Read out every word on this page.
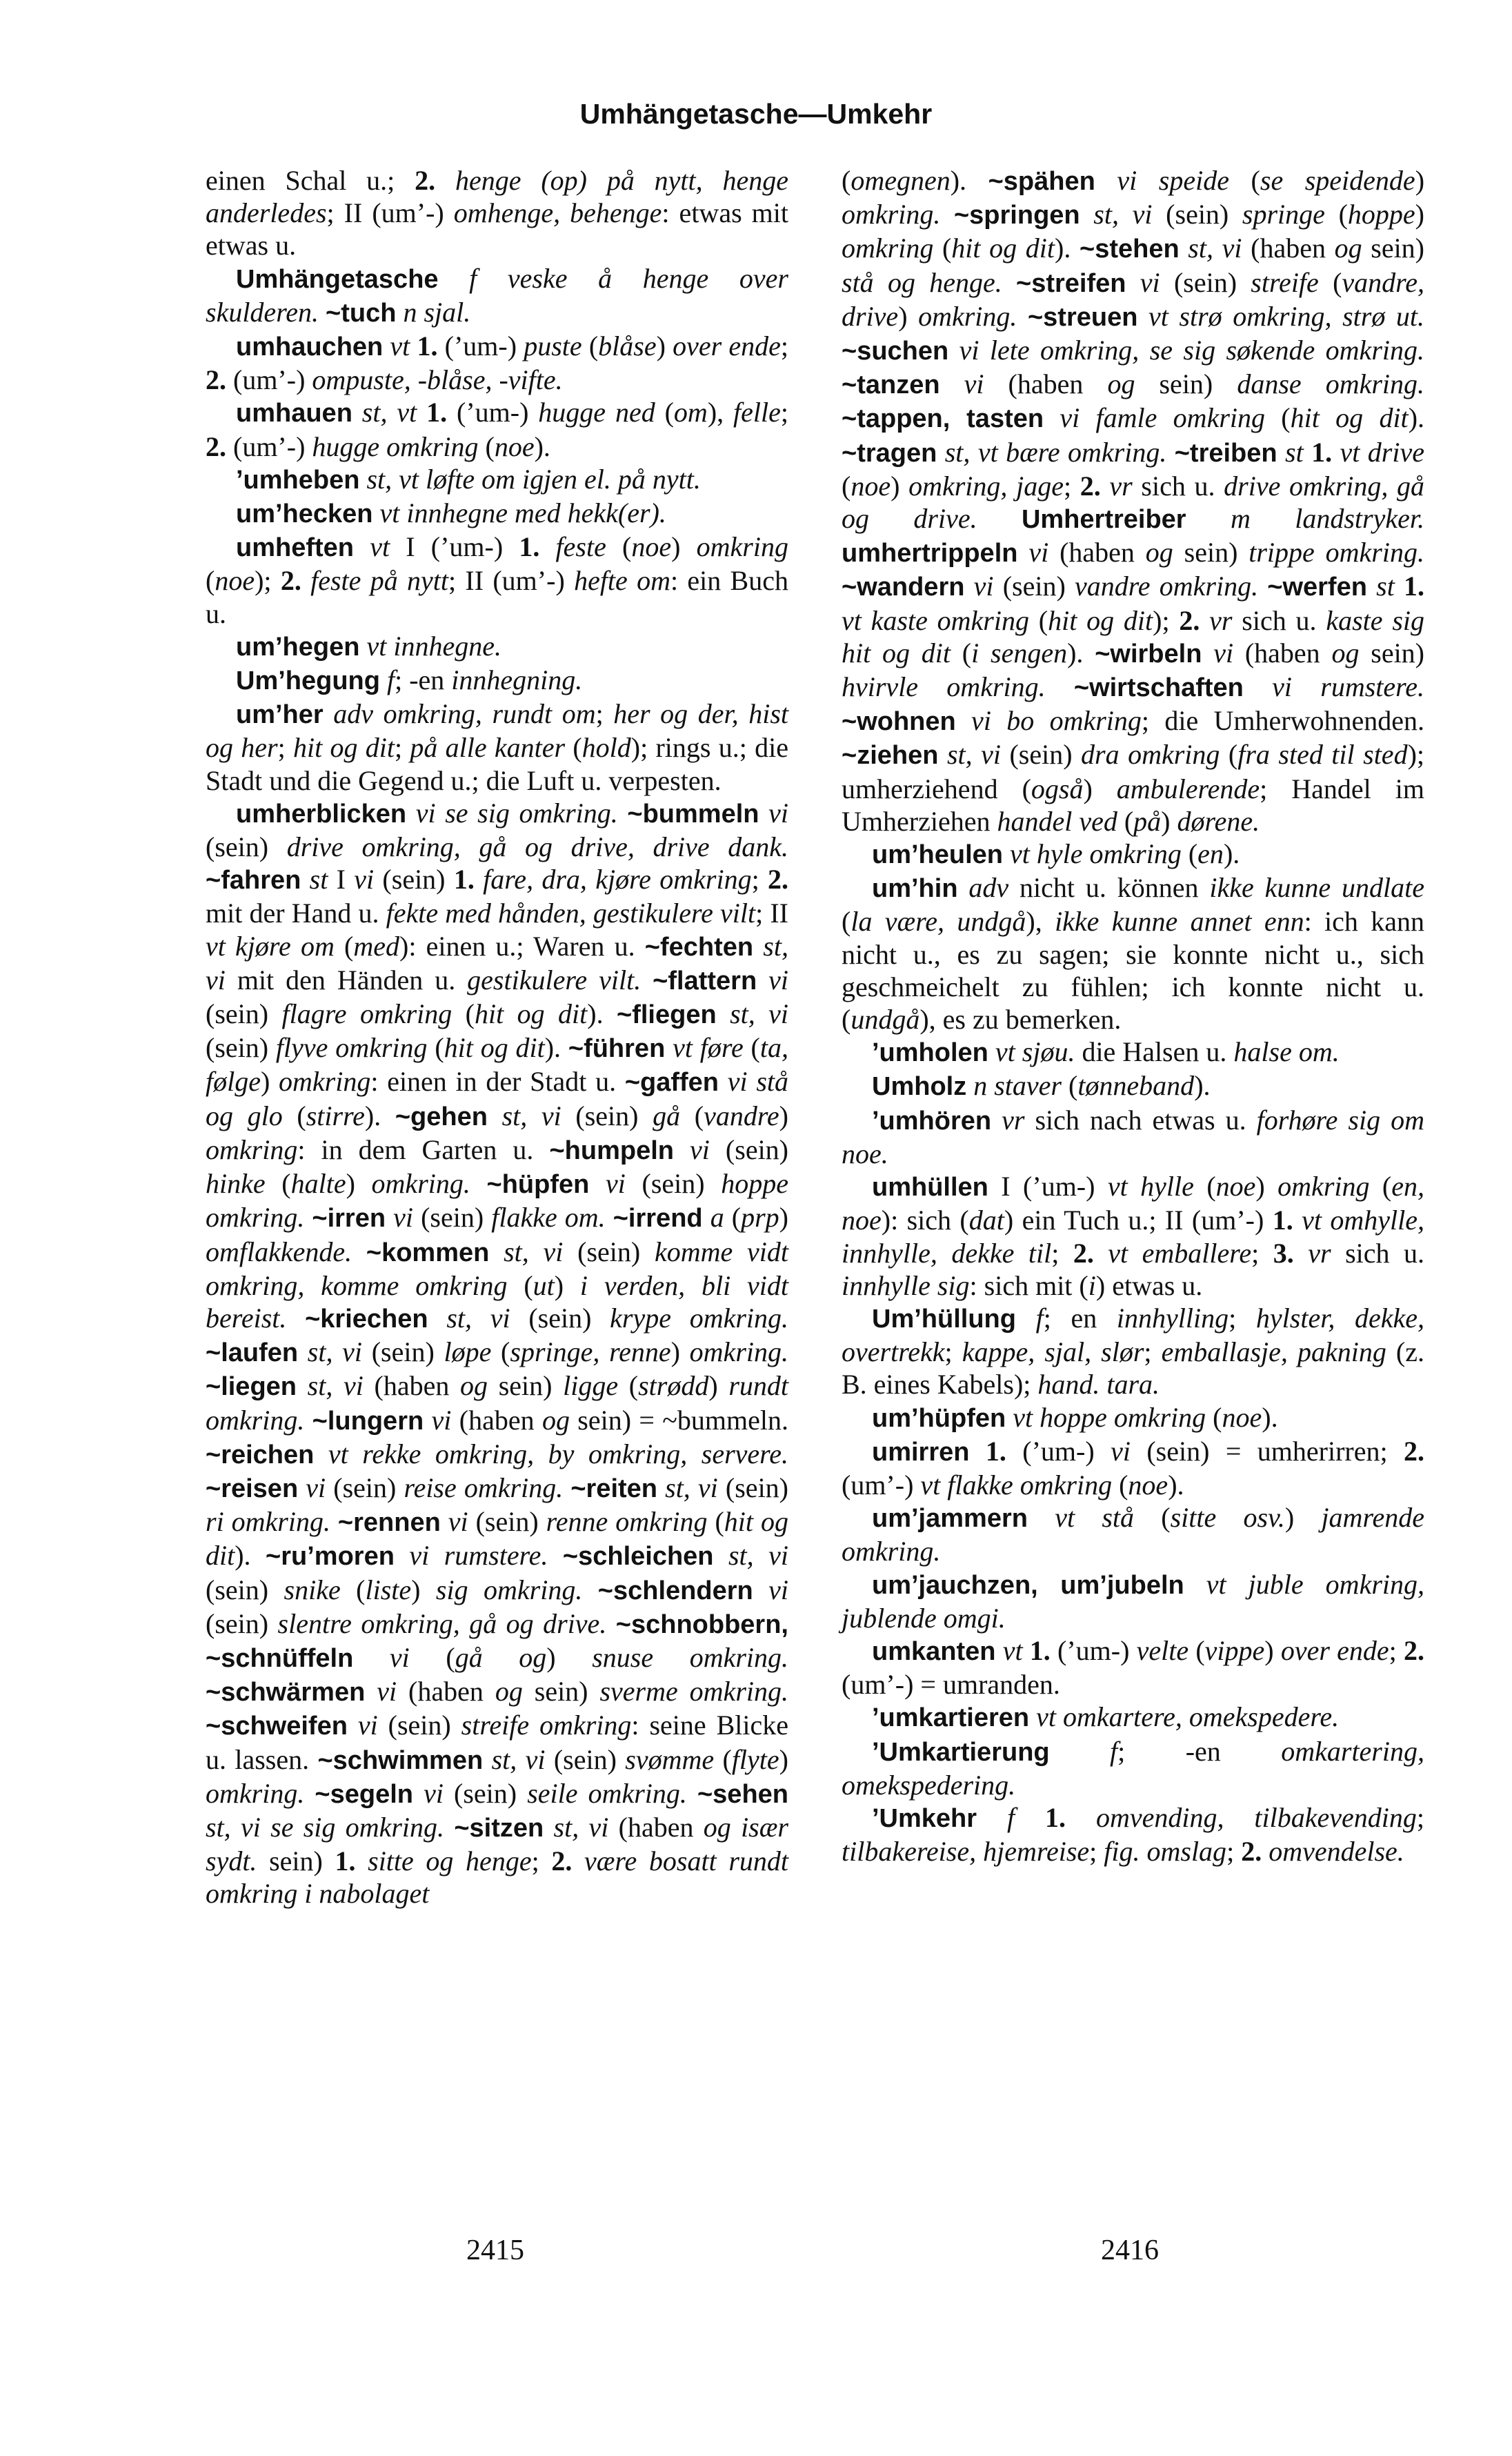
Umhängetasche—Umkehr

einen Schal u.; 2. henge (op) på nytt, henge anderledes; II (um’-) omhenge, behenge: etwas mit etwas u.

Umhängetasche f veske å henge over skulderen. ~tuch n sjal.

umhauchen vt 1. (’um-) puste (blåse) over ende; 2. (um’-) ompuste, -blåse, -vifte.

umhauen st, vt 1. (’um-) hugge ned (om), felle; 2. (um’-) hugge omkring (noe).

’umheben st, vt løfte om igjen el. på nytt.

um’hecken vt innhegne med hekk(er).

umheften vt I (’um-) 1. feste (noe) omkring (noe); 2. feste på nytt; II (um’-) hefte om: ein Buch u.

um’hegen vt innhegne.

Um’hegung f; -en innhegning.

um’her adv omkring, rundt om; her og der, hist og her; hit og dit; på alle kanter (hold); rings u.; die Stadt und die Gegend u.; die Luft u. verpesten.

umherblicken vi se sig omkring. ~bummeln vi (sein) drive omkring, gå og drive, drive dank. ~fahren st I vi (sein) 1. fare, dra, kjøre omkring; 2. mit der Hand u. fekte med hånden, gestikulere vilt; II vt kjøre om (med): einen u.; Waren u. ~fechten st, vi mit den Händen u. gestikulere vilt. ~flattern vi (sein) flagre omkring (hit og dit). ~fliegen st, vi (sein) flyve omkring (hit og dit). ~führen vt føre (ta, følge) omkring: einen in der Stadt u. ~gaffen vi stå og glo (stirre). ~gehen st, vi (sein) gå (vandre) omkring: in dem Garten u. ~humpeln vi (sein) hinke (halte) omkring. ~hüpfen vi (sein) hoppe omkring. ~irren vi (sein) flakke om. ~irrend a (prp) omflakkende. ~kommen st, vi (sein) komme vidt omkring, komme omkring (ut) i verden, bli vidt bereist. ~kriechen st, vi (sein) krype omkring. ~laufen st, vi (sein) løpe (springe, renne) omkring. ~liegen st, vi (haben og sein) ligge (strødd) rundt omkring. ~lungern vi (haben og sein) = ~bummeln. ~reichen vt rekke omkring, by omkring, servere. ~reisen vi (sein) reise omkring. ~reiten st, vi (sein) ri omkring. ~rennen vi (sein) renne omkring (hit og dit). ~ru’moren vi rumstere. ~schleichen st, vi (sein) snike (liste) sig omkring. ~schlendern vi (sein) slentre omkring, gå og drive. ~schnobbern, ~schnüffeln vi (gå og) snuse omkring. ~schwärmen vi (haben og sein) sverme omkring. ~schweifen vi (sein) streife omkring: seine Blicke u. lassen. ~schwimmen st, vi (sein) svømme (flyte) omkring. ~segeln vi (sein) seile omkring. ~sehen st, vi se sig omkring. ~sitzen st, vi (haben og især sydt. sein) 1. sitte og henge; 2. være bosatt rundt omkring i nabolaget

(omegnen). ~spähen vi speide (se speidende) omkring. ~springen st, vi (sein) springe (hoppe) omkring (hit og dit). ~stehen st, vi (haben og sein) stå og henge. ~streifen vi (sein) streife (vandre, drive) omkring. ~streuen vt strø omkring, strø ut. ~suchen vi lete omkring, se sig søkende omkring. ~tanzen vi (haben og sein) danse omkring. ~tappen, tasten vi famle omkring (hit og dit). ~tragen st, vt bære omkring. ~treiben st 1. vt drive (noe) omkring, jage; 2. vr sich u. drive omkring, gå og drive. Umhertreiber m landstryker. umhertrippeln vi (haben og sein) trippe omkring. ~wandern vi (sein) vandre omkring. ~werfen st 1. vt kaste omkring (hit og dit); 2. vr sich u. kaste sig hit og dit (i sengen). ~wirbeln vi (haben og sein) hvirvle omkring. ~wirtschaften vi rumstere. ~wohnen vi bo omkring; die Umherwohnenden. ~ziehen st, vi (sein) dra omkring (fra sted til sted); umherziehend (også) ambulerende; Handel im Umherziehen handel ved (på) dørene.

um’heulen vt hyle omkring (en).

um’hin adv nicht u. können ikke kunne undlate (la være, undgå), ikke kunne annet enn: ich kann nicht u., es zu sagen; sie konnte nicht u., sich geschmeichelt zu fühlen; ich konnte nicht u. (undgå), es zu bemerken.

’umholen vt sjøu. die Halsen u. halse om.

Umholz n staver (tønneband).

’umhören vr sich nach etwas u. forhøre sig om noe.

umhüllen I (’um-) vt hylle (noe) omkring (en, noe): sich (dat) ein Tuch u.; II (um’-) 1. vt omhylle, innhylle, dekke til; 2. vt emballere; 3. vr sich u. innhylle sig: sich mit (i) etwas u.

Um’hüllung f; en innhylling; hylster, dekke, overtrekk; kappe, sjal, slør; emballasje, pakning (z. B. eines Kabels); hand. tara.

um’hüpfen vt hoppe omkring (noe).

umirren 1. (’um-) vi (sein) = umherirren; 2. (um’-) vt flakke omkring (noe).

um’jammern vt stå (sitte osv.) jamrende omkring.

um’jauchzen, um’jubeln vt juble omkring, jublende omgi.

umkanten vt 1. (’um-) velte (vippe) over ende; 2. (um’-) = umranden.

’umkartieren vt omkartere, omekspedere.

’Umkartierung f; -en omkartering, omekspedering.

’Umkehr f 1. omvending, tilbakevending; tilbakereise, hjemreise; fig. omslag; 2. omvendelse.

2415	2416
